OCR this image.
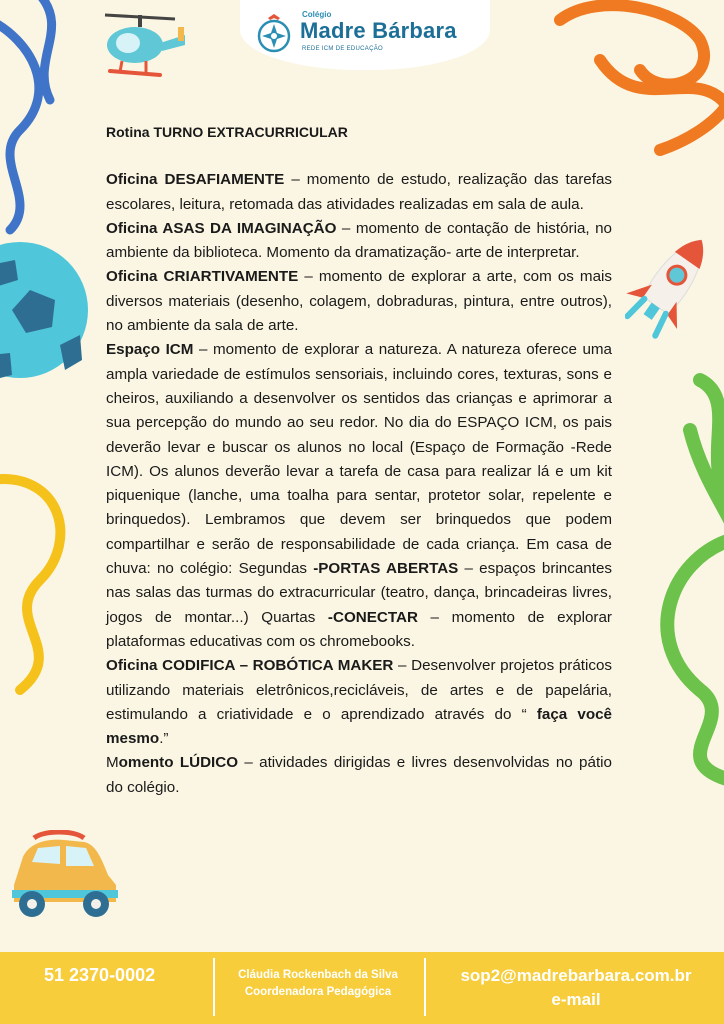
Colégio
Madre Bárbara
REDE ICM DE EDUCAÇÃO
Rotina TURNO EXTRACURRICULAR

Oficina DESAFIAMENTE – momento de estudo, realização das tarefas escolares, leitura, retomada das atividades realizadas em sala de aula.

Oficina ASAS DA IMAGINAÇÃO – momento de contação de história, no ambiente da biblioteca. Momento da dramatização- arte de interpretar.

Oficina CRIARTIVAMENTE – momento de explorar a arte, com os mais diversos materiais (desenho, colagem, dobraduras, pintura, entre outros), no ambiente da sala de arte.

Espaço ICM – momento de explorar a natureza. A natureza oferece uma ampla variedade de estímulos sensoriais, incluindo cores, texturas, sons e cheiros, auxiliando a desenvolver os sentidos das crianças e aprimorar a sua percepção do mundo ao seu redor. No dia do ESPAÇO ICM, os pais deverão levar e buscar os alunos no local (Espaço de Formação -Rede ICM). Os alunos deverão levar a tarefa de casa para realizar lá e um kit piquenique (lanche, uma toalha para sentar, protetor solar, repelente e brinquedos). Lembramos que devem ser brinquedos que podem compartilhar e serão de responsabilidade de cada criança. Em casa de chuva: no colégio: Segundas -PORTAS ABERTAS – espaços brincantes nas salas das turmas do extracurricular (teatro, dança, brincadeiras livres, jogos de montar...) Quartas -CONECTAR – momento de explorar plataformas educativas com os chromebooks.

Oficina CODIFICA – ROBÓTICA MAKER – Desenvolver projetos práticos utilizando materiais eletrônicos,recicláveis, de artes e de papelária, estimulando a criatividade e o aprendizado através do “ faça você mesmo.”

Momento LÚDICO – atividades dirigidas e livres desenvolvidas no pátio do colégio.

51 2370-0002	Cláudia Rockenbach da Silva
Coordenadora Pedagógica
sop2@madrebarbara.com.br
e-mail
